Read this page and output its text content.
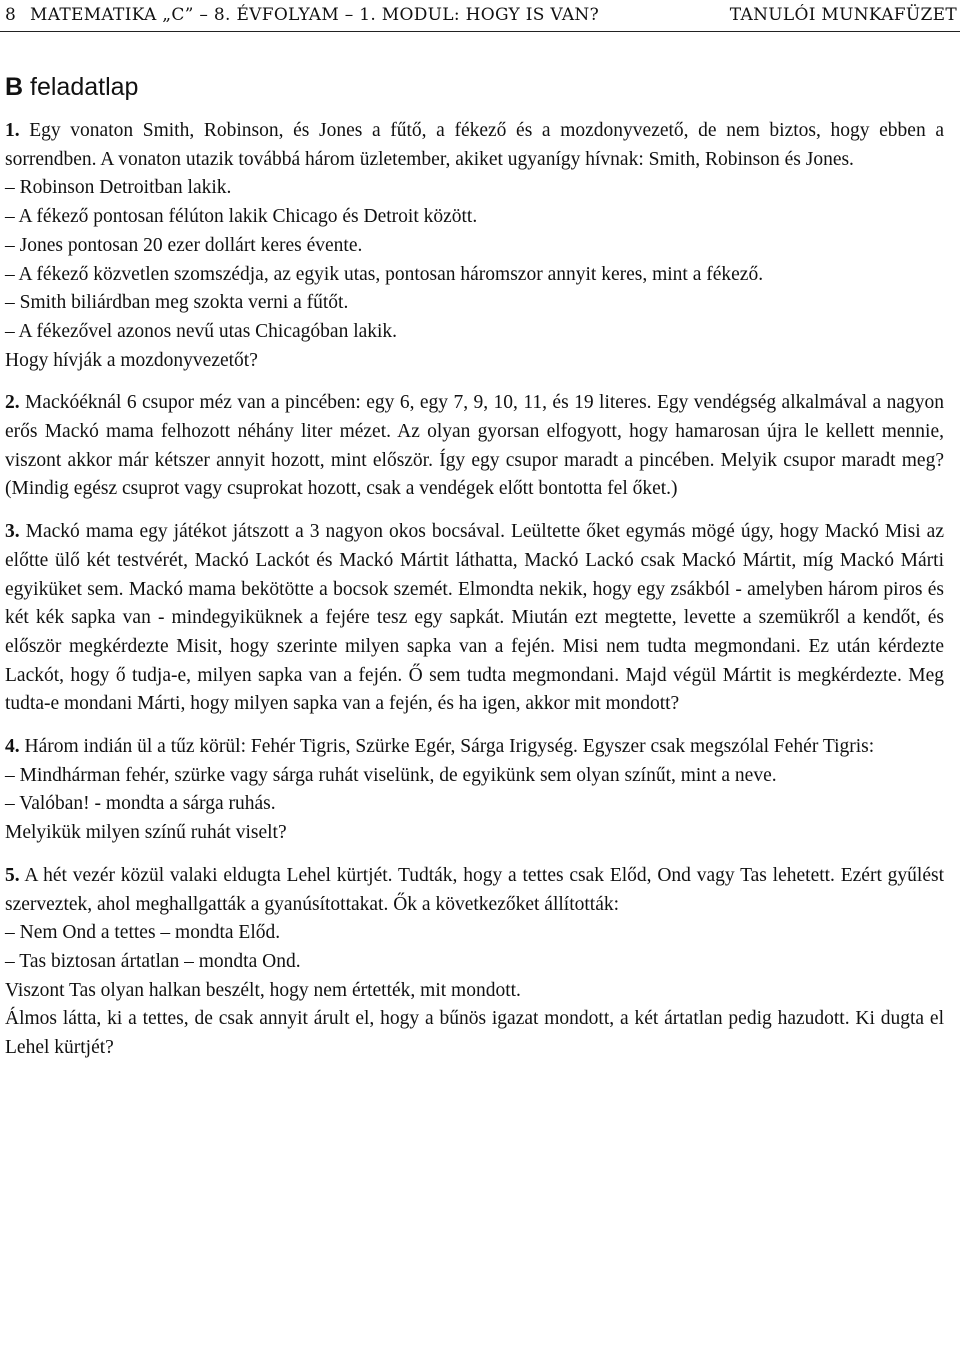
8 MATEMATIKA „C” – 8. ÉVFOLYAM – 1. MODUL: HOGY IS VAN?	TANULÓI MUNKAFÜZET
B feladatlap

1. Egy vonaton Smith, Robinson, és Jones a fűtő, a fékező és a mozdonyvezető, de nem biztos, hogy ebben a sorrendben. A vonaton utazik továbbá három üzletember, akiket ugyanígy hívnak: Smith, Robinson és Jones.

– Robinson Detroitban lakik.

– A fékező pontosan félúton lakik Chicago és Detroit között.

– Jones pontosan 20 ezer dollárt keres évente.

– A fékező közvetlen szomszédja, az egyik utas, pontosan háromszor annyit keres, mint a fékező.

– Smith biliárdban meg szokta verni a fűtőt.

– A fékezővel azonos nevű utas Chicagóban lakik.

Hogy hívják a mozdonyvezetőt?

2. Mackóéknál 6 csupor méz van a pincében: egy 6, egy 7, 9, 10, 11, és 19 literes. Egy vendégség alkalmával a nagyon erős Mackó mama felhozott néhány liter mézet. Az olyan gyorsan elfogyott, hogy hamarosan újra le kellett mennie, viszont akkor már kétszer annyit hozott, mint először. Így egy csupor maradt a pincében. Melyik csupor maradt meg? (Mindig egész csuprot vagy csuprokat hozott, csak a vendégek előtt bontotta fel őket.)

3. Mackó mama egy játékot játszott a 3 nagyon okos bocsával. Leültette őket egymás mögé úgy, hogy Mackó Misi az előtte ülő két testvérét, Mackó Lackót és Mackó Mártit láthatta, Mackó Lackó csak Mackó Mártit, míg Mackó Márti egyiküket sem. Mackó mama bekötötte a bocsok szemét. Elmondta nekik, hogy egy zsákból - amelyben három piros és két kék sapka van - mindegyiküknek a fejére tesz egy sapkát. Miután ezt megtette, levette a szemükről a kendőt, és először megkérdezte Misit, hogy szerinte milyen sapka van a fején. Misi nem tudta megmondani. Ez után kérdezte Lackót, hogy ő tudja-e, milyen sapka van a fején. Ő sem tudta megmondani. Majd végül Mártit is megkérdezte. Meg tudta-e mondani Márti, hogy milyen sapka van a fején, és ha igen, akkor mit mondott?

4. Három indián ül a tűz körül: Fehér Tigris, Szürke Egér, Sárga Irigység. Egyszer csak megszólal Fehér Tigris:

– Mindhárman fehér, szürke vagy sárga ruhát viselünk, de egyikünk sem olyan színűt, mint a neve.

– Valóban! - mondta a sárga ruhás.

Melyikük milyen színű ruhát viselt?

5. A hét vezér közül valaki eldugta Lehel kürtjét. Tudták, hogy a tettes csak Előd, Ond vagy Tas lehetett. Ezért gyűlést szerveztek, ahol meghallgatták a gyanúsítottakat. Ők a következőket állították:

– Nem Ond a tettes – mondta Előd.

– Tas biztosan ártatlan – mondta Ond.

Viszont Tas olyan halkan beszélt, hogy nem értették, mit mondott.

Álmos látta, ki a tettes, de csak annyit árult el, hogy a bűnös igazat mondott, a két ártatlan pedig hazudott. Ki dugta el Lehel kürtjét?
